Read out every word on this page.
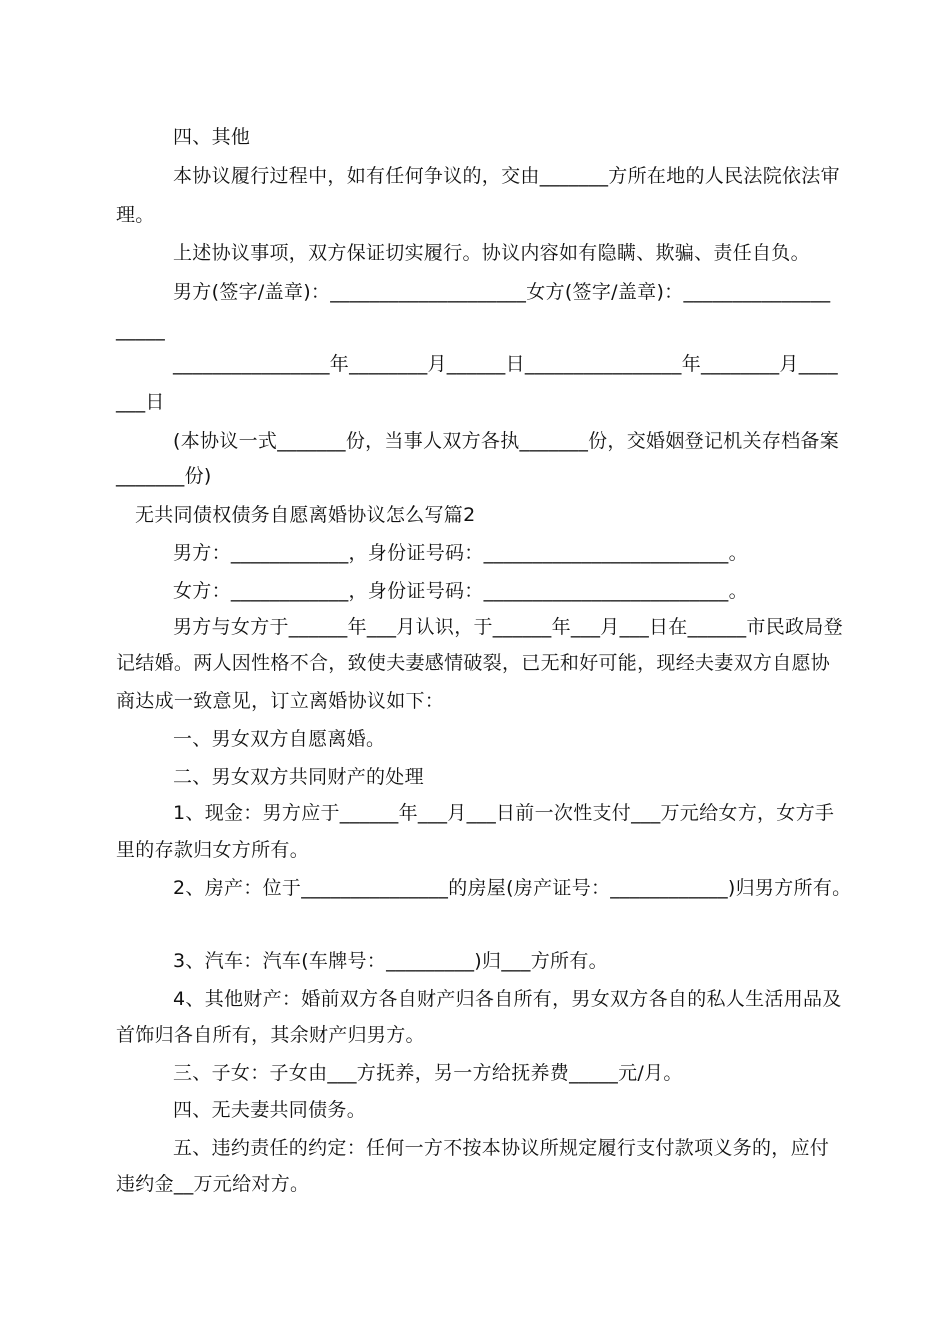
四、其他
本协议履行过程中，如有任何争议的，交由_______方所在地的人民法院依法审
理。
上述协议事项，双方保证切实履行。协议内容如有隐瞒、欺骗、责任自负。
男方(签字/盖章)：____________________女方(签字/盖章)：_______________
_____
________________年________月______日________________年________月____
___日
(本协议一式_______份，当事人双方各执_______份，交婚姻登记机关存档备案
_______份)
无共同债权债务自愿离婚协议怎么写篇2
男方：____________，身份证号码：_________________________。
女方：____________，身份证号码：_________________________。
男方与女方于______年___月认识，于______年___月___日在______市民政局登
记结婚。两人因性格不合，致使夫妻感情破裂，已无和好可能，现经夫妻双方自愿协
商达成一致意见，订立离婚协议如下：
一、男女双方自愿离婚。
二、男女双方共同财产的处理
1、现金：男方应于______年___月___日前一次性支付___万元给女方，女方手
里的存款归女方所有。
2、房产：位于_______________的房屋(房产证号：____________)归男方所有。
3、汽车：汽车(车牌号：_________)归___方所有。
4、其他财产：婚前双方各自财产归各自所有，男女双方各自的私人生活用品及
首饰归各自所有，其余财产归男方。
三、子女：子女由___方抚养，另一方给抚养费_____元/月。
四、无夫妻共同债务。
五、违约责任的约定：任何一方不按本协议所规定履行支付款项义务的，应付
违约金__万元给对方。
